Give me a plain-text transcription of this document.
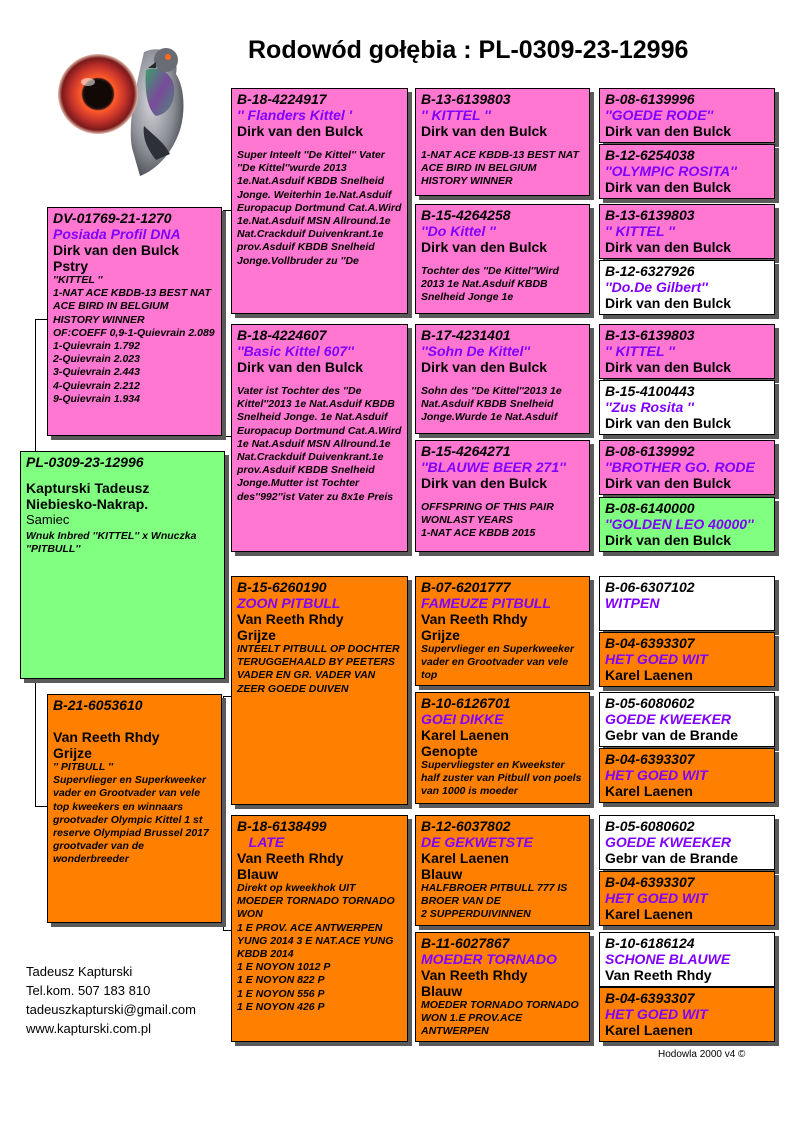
Rodowód gołębia : PL-0309-23-12996
PL-0309-23-12996
Kapturski Tadeusz
Niebiesko-Nakrap.
Samiec
Wnuk Inbred ''KITTEL'' x Wnuczka ''PITBULL''
DV-01769-21-1270
Posiada Profil DNA
Dirk van den Bulck
Pstry
''KITTEL ''
1-NAT ACE KBDB-13 BEST NAT ACE BIRD IN BELGIUM HISTORY WINNER
OF:COEFF 0,9-1-Quievrain 2.089
1-Quievrain 1.792
2-Quievrain 2.023
3-Quievrain 2.443
4-Quievrain 2.212
9-Quievrain 1.934
B-21-6053610
Van Reeth Rhdy
Grijze
'' PITBULL ''
Supervlieger en Superkweeker vader en Grootvader van vele top kweekers en winnaars grootvader Olympic Kittel 1 st reserve Olympiad Brussel 2017 grootvader van de wonderbreeder
B-18-4224917
'' Flanders Kittel '
Dirk van den Bulck
Super Inteelt ''De Kittel'' Vater ''De Kittel''wurde 2013 1e.Nat.Asduif KBDB Snelheid Jonge. Weiterhin 1e.Nat.Asduif Europacup Dortmund Cat.A.Wird 1e.Nat.Asduif MSN Allround.1e Nat.Crackduif Duivenkrant.1e prov.Asduif KBDB Snelheid Jonge.Vollbruder zu ''De
B-18-4224607
''Basic Kittel 607''
Dirk van den Bulck
Vater ist Tochter des ''De Kittel''2013 1e Nat.Asduif KBDB Snelheid Jonge. 1e Nat.Asduif Europacup Dortmund Cat.A.Wird 1e Nat.Asduif MSN Allround.1e Nat.Crackduif Duivenkrant.1e prov.Asduif KBDB Snelheid Jonge.Mutter ist Tochter des''992''ist Vater zu 8x1e Preis
B-15-6260190
ZOON PITBULL
Van Reeth Rhdy
Grijze
INTEELT PITBULL OP DOCHTER TERUGGEHAALD BY PEETERS VADER EN GR. VADER VAN ZEER GOEDE DUIVEN
B-18-6138499
LATE
Van Reeth Rhdy
Blauw
Direkt op kweekhok UIT MOEDER TORNADO TORNADO WON
1 E PROV. ACE ANTWERPEN YUNG 2014 3 E NAT.ACE YUNG KBDB 2014
1 E NOYON 1012 P
1 E NOYON 822 P
1 E NOYON 556 P
1 E NOYON 426 P
B-13-6139803
'' KITTEL ''
Dirk van den Bulck
1-NAT ACE KBDB-13 BEST NAT ACE BIRD IN BELGIUM HISTORY WINNER
B-15-4264258
''Do Kittel ''
Dirk van den Bulck
Tochter des ''De Kittel''Wird 2013 1e Nat.Asduif KBDB Snelheid Jonge 1e
B-17-4231401
''Sohn De Kittel''
Dirk van den Bulck
Sohn des ''De Kittel''2013 1e Nat.Asduif KBDB Snelheid Jonge.Wurde 1e Nat.Asduif
B-15-4264271
''BLAUWE BEER 271''
Dirk van den Bulck
OFFSPRING OF THIS PAIR WONLAST YEARS
1-NAT ACE KBDB 2015
B-07-6201777
FAMEUZE PITBULL
Van Reeth Rhdy
Grijze
Supervlieger en Superkweeker vader en Grootvader van vele top
B-10-6126701
GOEI DIKKE
Karel Laenen
Genopte
Supervliegster en Kweekster half zuster van Pitbull von poels van 1000 is moeder
B-12-6037802
DE GEKWETSTE
Karel Laenen
Blauw
HALFBROER PITBULL 777 IS BROER VAN DE
2 SUPPERDUIVINNEN
B-11-6027867
MOEDER TORNADO
Van Reeth Rhdy
Blauw
MOEDER TORNADO TORNADO WON 1.E PROV.ACE ANTWERPEN
B-08-6139996
''GOEDE RODE''
Dirk van den Bulck
B-12-6254038
''OLYMPIC ROSITA''
Dirk van den Bulck
B-13-6139803
'' KITTEL ''
Dirk van den Bulck
B-12-6327926
''Do.De Gilbert''
Dirk van den Bulck
B-13-6139803
'' KITTEL ''
Dirk van den Bulck
B-15-4100443
''Zus Rosita ''
Dirk van den Bulck
B-08-6139992
''BROTHER GO. RODE
Dirk van den Bulck
B-08-6140000
''GOLDEN LEO 40000''
Dirk van den Bulck
B-06-6307102
WITPEN
B-04-6393307
HET GOED WIT
Karel Laenen
B-05-6080602
GOEDE KWEEKER
Gebr van de Brande
B-04-6393307
HET GOED WIT
Karel Laenen
B-05-6080602
GOEDE KWEEKER
Gebr van de Brande
B-04-6393307
HET GOED WIT
Karel Laenen
B-10-6186124
SCHONE BLAUWE
Van Reeth Rhdy
B-04-6393307
HET GOED WIT
Karel Laenen
Tadeusz Kapturski
Tel.kom. 507 183 810
tadeuszkapturski@gmail.com
www.kapturski.com.pl
Hodowla 2000 v4 ©
